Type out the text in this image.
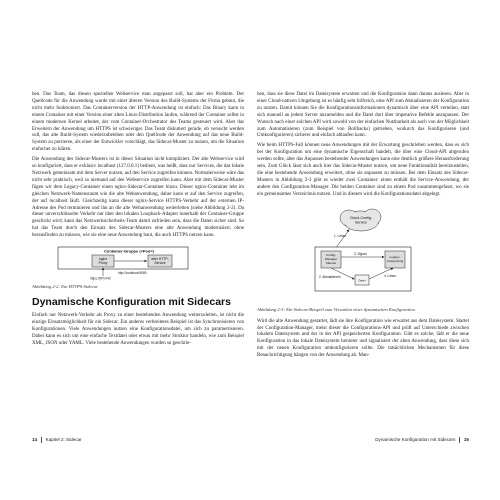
ben. Das Team, das diesen speziellen Webservice man angepasst soll, hat aber ein Problem. Der Quellcode für die Anwendung wurde mit einer älteren Version des Build-Systems der Firma gebaut, die nicht mehr funktioniert. Das Containerversion der HTTP-Anwendung ist einfach: Das Binary kann in einem Container mit einer Version einer alten Linux-Distribution laufen, während der Container selbst in einem modernen Kernel arbeitet, der vom Container-Orchestrator des Teams gesteuert wird. Aber das Erweitern der Anwendung um HTTPS ist schwieriger. Das Team diskutiert gerade, ob versucht werden soll, das alte Build-System wiederzubeleben oder den Quellcode der Anwendung auf das neue Build-System zu portieren, als einer der Entwickler vorschlägt, das Sidecar-Muster zu nutzen, um die Situation einfacher zu klären.

Die Anwendung des Sidecar-Musters ist in dieser Situation nicht kompliziert. Der alte Webservice wird so konfiguriert, dass er exklusiv localhost (127.0.0.1) bedient, was heißt, dass nur Services, die das lokale Netzwerk gemeinsam mit dem Server nutzen, auf den Service zugreifen können. Normalerweise wäre das nicht sehr praktisch, weil so niemand auf den Webservice zugreifen kann. Aber mit dem Sidecar-Muster fügen wir dem Legacy-Container einen nginx-Sidecar-Container hinzu. Dieser nginx-Container lebt im gleichen Netzwerk-Namensraum wie die alte Webanwendung, daher kann er auf den Service zugreifen, der auf localhost läuft. Gleichzeitig kann dieser nginx-Service HTTPS-Verkehr auf der externen IP-Adresse des Pod terminieren und ihn an die alte Webanwendung weiterleiten (siehe Abbildung 2-2). Da dieser unverschlüsselte Verkehr nur über den lokalen Loopback-Adapter innerhalb der Container-Gruppe geschickt wird, kann das Netzwerksicherheits-Team damit zufrieden sein, dass die Daten sicher sind. So hat das Team durch den Einsatz des Sidecar-Musters eine alte Anwendung modernisiert, ohne herausfinden zu müssen, wie sie eine neue Anwendung baut, die auch HTTPS nutzen kann.

Container-Gruppe (»Pod«)
nginx
Proxy
alter HTTP-
Service
https://[IP]:443
http://localhost:8080
Abbildung 2-2: Ein HTTPS-Sidecar
Dynamische Konfiguration mit Sidecars

Einfach nur Netzwerk-Verkehr als Proxy zu einer bestehenden Anwendung weiterzuleiten, ist nicht die einzige Einsatzmöglichkeit für ein Sidecar. Ein anderes verbreitetes Beispiel ist das Synchronisieren von Konfigurationen. Viele Anwendungen nutzen eine Konfigurationsdatei, um sich zu parametrisieren. Dabei kann es sich um eine einfache Textdatei oder etwas mit mehr Struktur handeln, wie zum Beispiel XML, JSON oder YAML. Viele bestehende Anwendungen wurden so geschrie-

14 Kapitel 2: Sidecar

ben, dass sie diese Datei im Dateisystem erwarten und die Konfiguration dann daraus auslesen. Aber in einer Cloud-nativen Umgebung ist es häufig sehr hilfreich, eine API zum Aktualisieren der Konfiguration zu nutzen. Damit können Sie die Konfigurationsinformationen dynamisch über eine API verteilen, statt sich manuell an jedem Server anzumelden und die Datei dort über imperative Befehle anzupassen. Der Wunsch nach einer solchen API wird sowohl von der einfachen Nutzbarkeit als auch von der Möglichkeit zum Automatisieren (zum Beispiel von Rollbacks) getrieben, wodurch das Konfigurieren (und Umkonfigurieren) sicherer und einfach ablaufen kann.

Wie beim HTTPS-Fall können neue Anwendungen mit der Erwartung geschrieben werden, dass es sich bei der Konfiguration um eine dynamische Eigenschaft handelt, die über eine Cloud-API abgerufen werden sollte, aber das Anpassen bestehender Anwendungen kann eine deutlich größere Herausforderung sein. Zum Glück lässt sich auch hier das Sidecar-Muster nutzen, um neue Funktionalität bereitzustellen, die eine bestehende Anwendung erweitert, ohne sie anpassen zu müssen. Bei dem Einsatz des Sidecar-Musters in Abbildung 2-3 gibt es wieder zwei Container: einen enthält die Service-Anwendung, der andere den Configuration-Manager. Die beiden Container sind zu einem Pod zusammengefasst, wo sie ein gemeinsames Verzeichnis nutzen. Und in diesem wird die Konfigurationsdatei abgelegt.

Cloud-Config-
Service
1. Lesen
Config-
Manager
Sidecar
Legacy-
Anwendung
3. Signal
Datei
2. Aktualisieren	4. Lesen
Abbildung 2-3: Ein Sidecar-Beispiel zum Verwalten einer dynamischen Konfiguration

Wird die alte Anwendung gestartet, lädt sie ihre Konfiguration wie erwartet aus dem Dateisystem. Startet der Configuration-Manager, meist dieser die Configurations-API und prüft auf Unterschiede zwischen lokalem Dateisystem und der in der API gespeicherten Konfiguration. Gibt es solche, lädt er die neue Konfiguration in das lokale Dateisystem herunter und signalisiert der alten Anwendung, dass diese sich mit der neuen Konfiguration umkonfigurieren sollte. Die tatsächlichen Mechanismen für diese Benachrichtigung hängen von der Anwendung ab. Man-

Dynamische Konfiguration mit Sidecars 15
